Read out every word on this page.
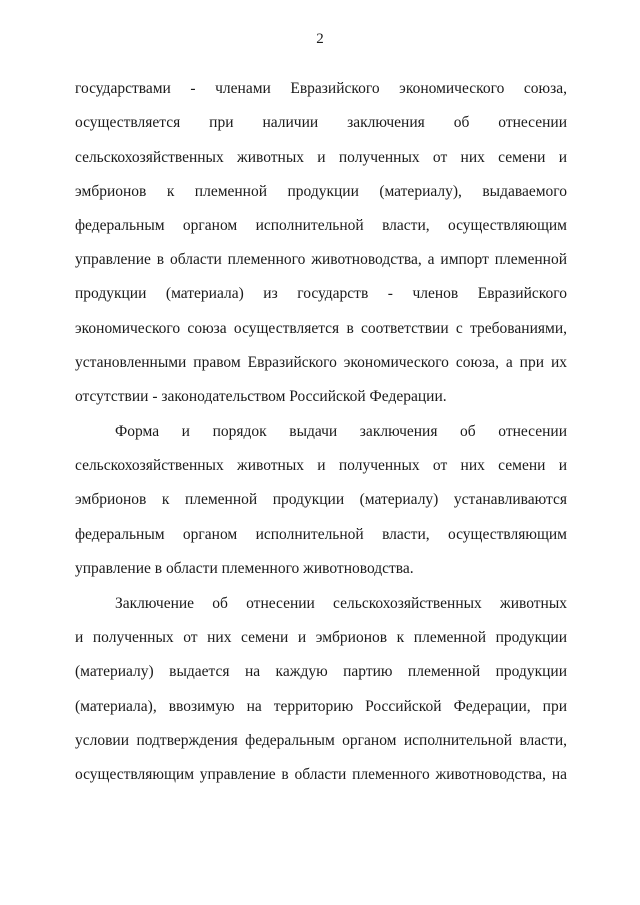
2
государствами - членами Евразийского экономического союза,
осуществляется при наличии заключения об отнесении
сельскохозяйственных животных и полученных от них семени и
эмбрионов к племенной продукции (материалу), выдаваемого
федеральным органом исполнительной власти, осуществляющим
управление в области племенного животноводства, а импорт племенной
продукции (материала) из государств - членов Евразийского
экономического союза осуществляется в соответствии с требованиями,
установленными правом Евразийского экономического союза, а при их
отсутствии - законодательством Российской Федерации.
Форма и порядок выдачи заключения об отнесении
сельскохозяйственных животных и полученных от них семени и
эмбрионов к племенной продукции (материалу) устанавливаются
федеральным органом исполнительной власти, осуществляющим
управление в области племенного животноводства.
Заключение об отнесении сельскохозяйственных животных
и полученных от них семени и эмбрионов к племенной продукции
(материалу) выдается на каждую партию племенной продукции
(материала), ввозимую на территорию Российской Федерации, при
условии подтверждения федеральным органом исполнительной власти,
осуществляющим управление в области племенного животноводства, на
